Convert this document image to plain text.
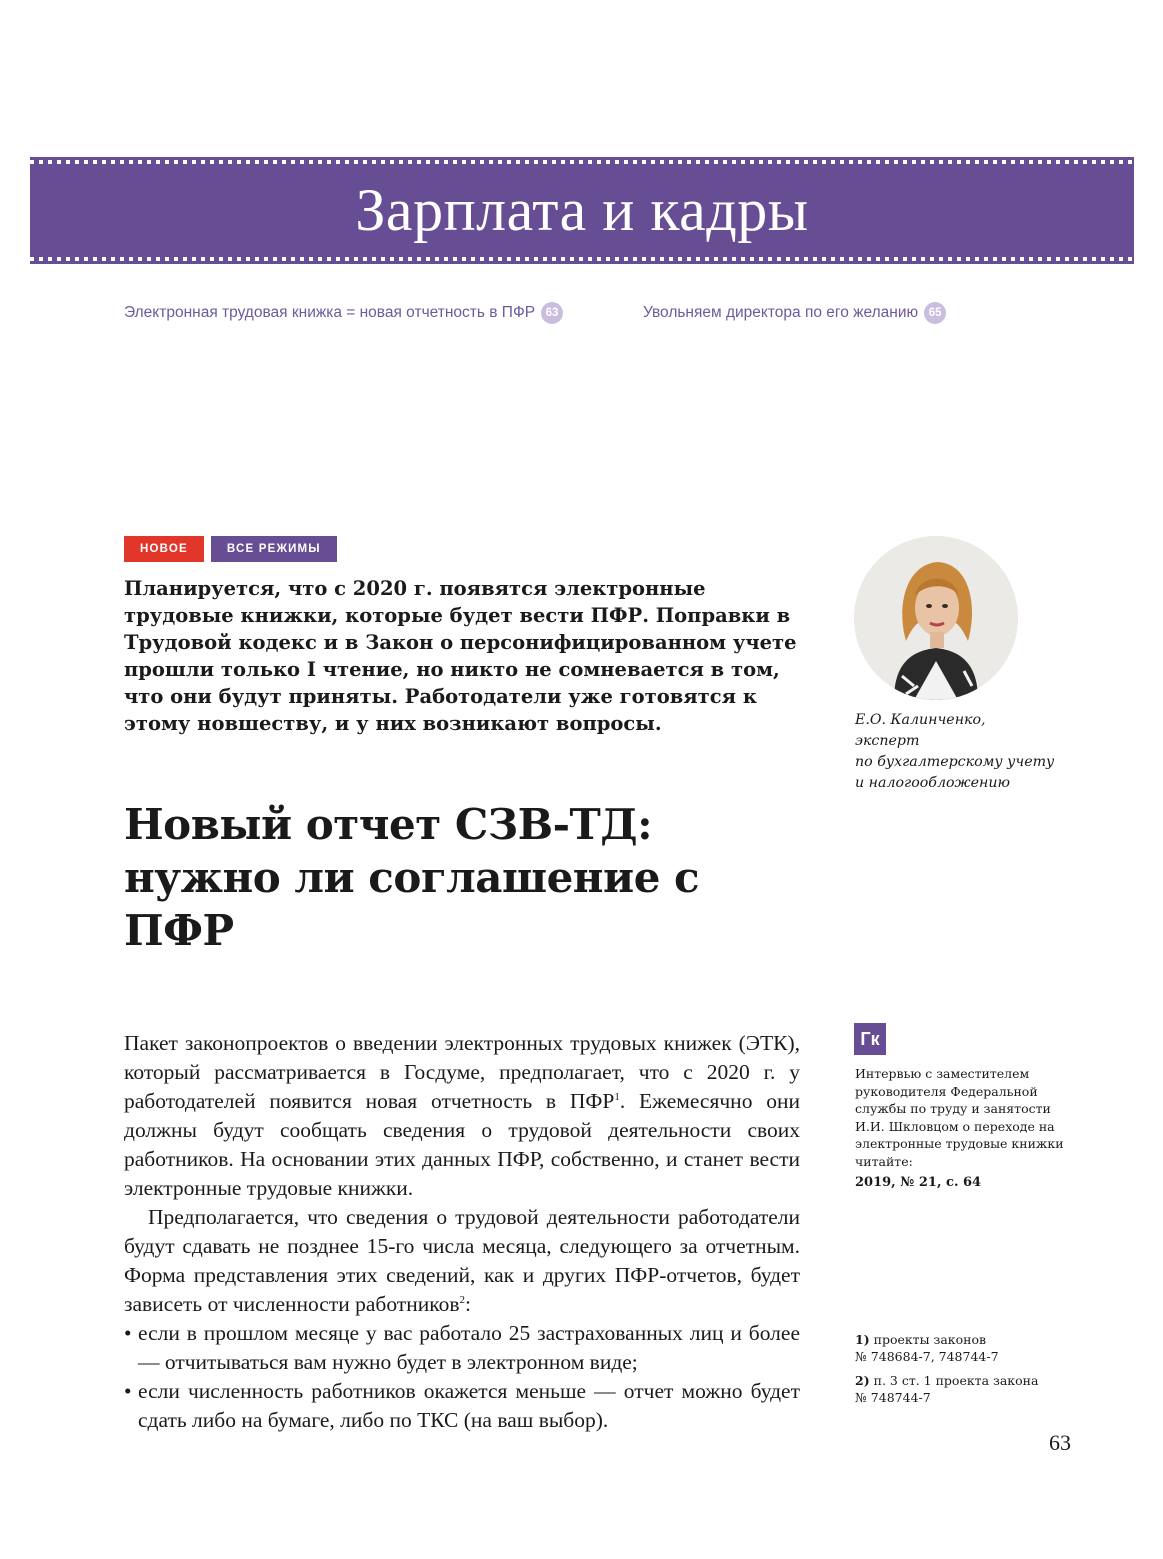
Зарплата и кадры
Электронная трудовая книжка = новая отчетность в ПФР 63	Увольняем директора по его желанию 65
НОВОЕ	ВСЕ РЕЖИМЫ

Планируется, что с 2020 г. появятся электронные трудовые книжки, которые будет вести ПФР. Поправки в Трудовой кодекс и в Закон о персонифицированном учете прошли только I чтение, но никто не сомневается в том, что они будут приняты. Работодатели уже готовятся к этому новшеству, и у них возникают вопросы.

Новый отчет СЗВ-ТД: нужно ли соглашение с ПФР
Е.О. Калинченко,
эксперт
по бухгалтерскому учету
и налогообложению

Пакет законопроектов о введении электронных трудовых книжек (ЭТК), который рассматривается в Госдуме, предполагает, что с 2020 г. у работодателей появится новая отчетность в ПФР$^1$. Ежемесячно они должны будут сообщать сведения о трудовой деятельности своих работников. На основании этих данных ПФР, собственно, и станет вести электронные трудовые книжки.

Предполагается, что сведения о трудовой деятельности работодатели будут сдавать не позднее 15-го числа месяца, следующего за отчетным. Форма представления этих сведений, как и других ПФР-отчетов, будет зависеть от численности работников$^2$:

• если в прошлом месяце у вас работало 25 застрахованных лиц и более — отчитываться вам нужно будет в электронном виде;
• если численность работников окажется меньше — отчет можно будет сдать либо на бумаге, либо по ТКС (на ваш выбор).
Гк

Интервью с заместителем руководителя Федеральной службы по труду и занятости И.И. Шкловцом о переходе на электронные трудовые книжки читайте:

2019, № 21, с. 64

1) проекты законов
№ 748684-7, 748744-7
2) п. 3 ст. 1 проекта закона
№ 748744-7
63
